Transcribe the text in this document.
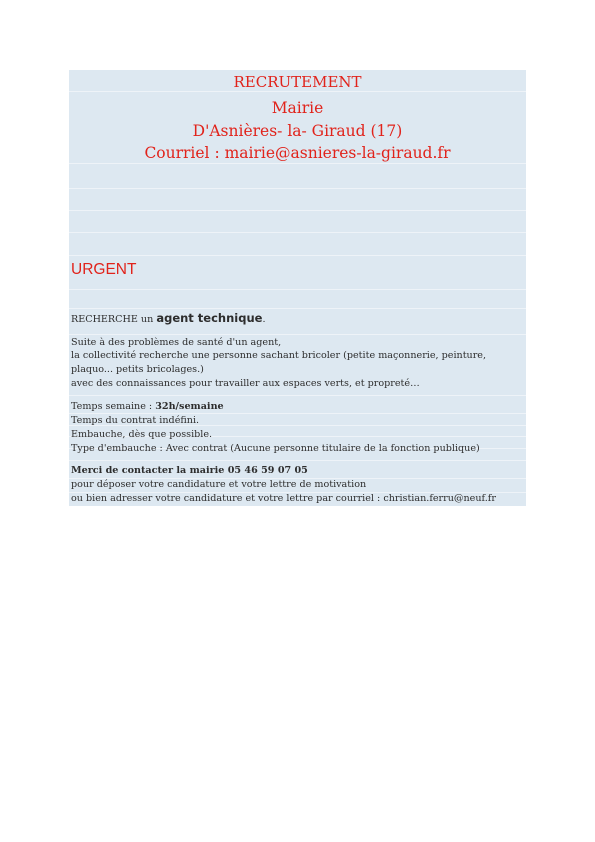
RECRUTEMENT
Mairie
D'Asnières- la- Giraud (17)
Courriel : mairie@asnieres-la-giraud.fr
URGENT
RECHERCHE un agent technique.
Suite à des problèmes de santé d'un agent,
la collectivité recherche une personne sachant bricoler (petite maçonnerie, peinture,
plaquo... petits bricolages.)
avec des connaissances pour travailler aux espaces verts, et propreté…
Temps semaine : 32h/semaine
Temps du contrat indéfini.
Embauche, dès que possible.
Type d'embauche : Avec contrat (Aucune personne titulaire de la fonction publique)
Merci de contacter la mairie 05 46 59 07 05
pour déposer votre candidature et votre lettre de motivation
ou bien adresser votre candidature et votre lettre par courriel : christian.ferru@neuf.fr
